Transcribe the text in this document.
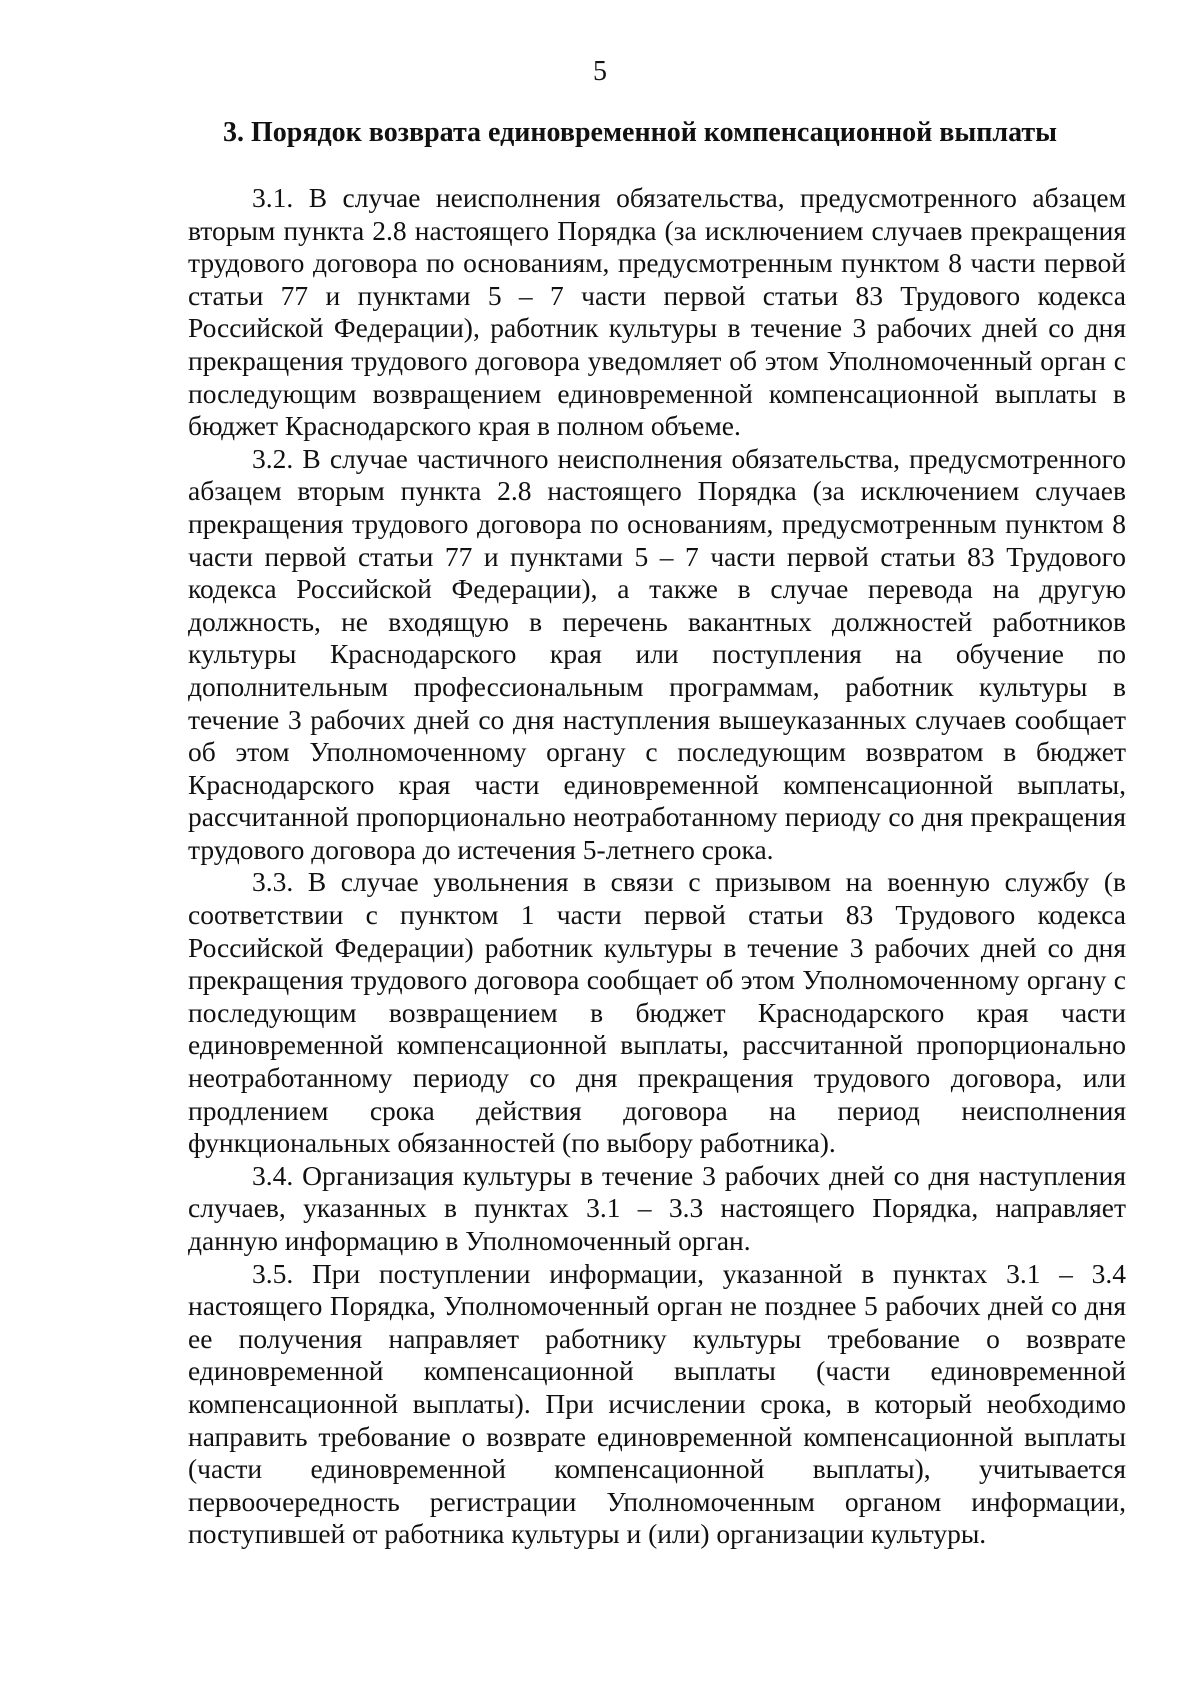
5
3. Порядок возврата единовременной компенсационной выплаты

3.1. В случае неисполнения обязательства, предусмотренного абзацем вторым пункта 2.8 настоящего Порядка (за исключением случаев прекращения трудового договора по основаниям, предусмотренным пунктом 8 части первой статьи 77 и пунктами 5 – 7 части первой статьи 83 Трудового кодекса Российской Федерации), работник культуры в течение 3 рабочих дней со дня прекращения трудового договора уведомляет об этом Уполномоченный орган с последующим возвращением единовременной компенсационной выплаты в бюджет Краснодарского края в полном объеме.

3.2. В случае частичного неисполнения обязательства, предусмотренного абзацем вторым пункта 2.8 настоящего Порядка (за исключением случаев прекращения трудового договора по основаниям, предусмотренным пунктом 8 части первой статьи 77 и пунктами 5 – 7 части первой статьи 83 Трудового кодекса Российской Федерации), а также в случае перевода на другую должность, не входящую в перечень вакантных должностей работников культуры Краснодарского края или поступления на обучение по дополнительным профессиональным программам, работник культуры в течение 3 рабочих дней со дня наступления вышеуказанных случаев сообщает об этом Уполномоченному органу с последующим возвратом в бюджет Краснодарского края части единовременной компенсационной выплаты, рассчитанной пропорционально неотработанному периоду со дня прекращения трудового договора до истечения 5-летнего срока.

3.3. В случае увольнения в связи с призывом на военную службу (в соответствии с пунктом 1 части первой статьи 83 Трудового кодекса Российской Федерации) работник культуры в течение 3 рабочих дней со дня прекращения трудового договора сообщает об этом Уполномоченному органу с последующим возвращением в бюджет Краснодарского края части единовременной компенсационной выплаты, рассчитанной пропорционально неотработанному периоду со дня прекращения трудового договора, или продлением срока действия договора на период неисполнения функциональных обязанностей (по выбору работника).

3.4. Организация культуры в течение 3 рабочих дней со дня наступления случаев, указанных в пунктах 3.1 – 3.3 настоящего Порядка, направляет данную информацию в Уполномоченный орган.

3.5. При поступлении информации, указанной в пунктах 3.1 – 3.4 настоящего Порядка, Уполномоченный орган не позднее 5 рабочих дней со дня ее получения направляет работнику культуры требование о возврате единовременной компенсационной выплаты (части единовременной компенсационной выплаты). При исчислении срока, в который необходимо направить требование о возврате единовременной компенсационной выплаты (части единовременной компенсационной выплаты), учитывается первоочередность регистрации Уполномоченным органом информации, поступившей от работника культуры и (или) организации культуры.
